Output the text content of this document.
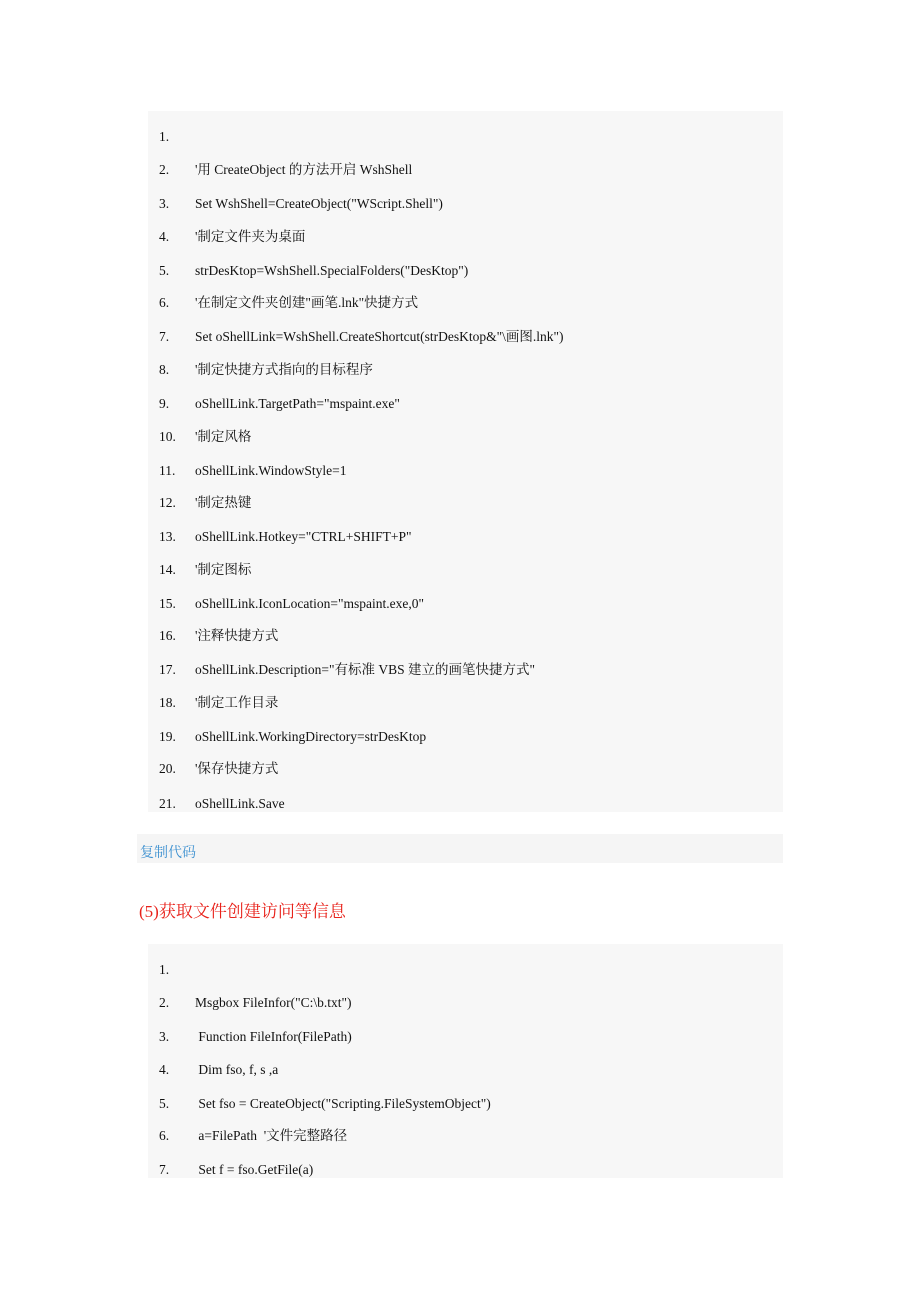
1.
2. '用 CreateObject 的方法开启 WshShell
3. Set WshShell=CreateObject("WScript.Shell")
4. '制定文件夹为桌面
5. strDesKtop=WshShell.SpecialFolders("DesKtop")
6. '在制定文件夹创建"画笔.lnk"快捷方式
7. Set oShellLink=WshShell.CreateShortcut(strDesKtop&"\画图.lnk")
8. '制定快捷方式指向的目标程序
9. oShellLink.TargetPath="mspaint.exe"
10. '制定风格
11. oShellLink.WindowStyle=1
12. '制定热键
13. oShellLink.Hotkey="CTRL+SHIFT+P"
14. '制定图标
15. oShellLink.IconLocation="mspaint.exe,0"
16. '注释快捷方式
17. oShellLink.Description="有标准 VBS 建立的画笔快捷方式"
18. '制定工作目录
19. oShellLink.WorkingDirectory=strDesKtop
20. '保存快捷方式
21. oShellLink.Save
复制代码
(5)获取文件创建访问等信息
1.
2. Msgbox FileInfor("C:\b.txt")
3. Function FileInfor(FilePath)
4. Dim fso, f, s ,a
5. Set fso = CreateObject("Scripting.FileSystemObject")
6. a=FilePath  '文件完整路径
7. Set f = fso.GetFile(a)
